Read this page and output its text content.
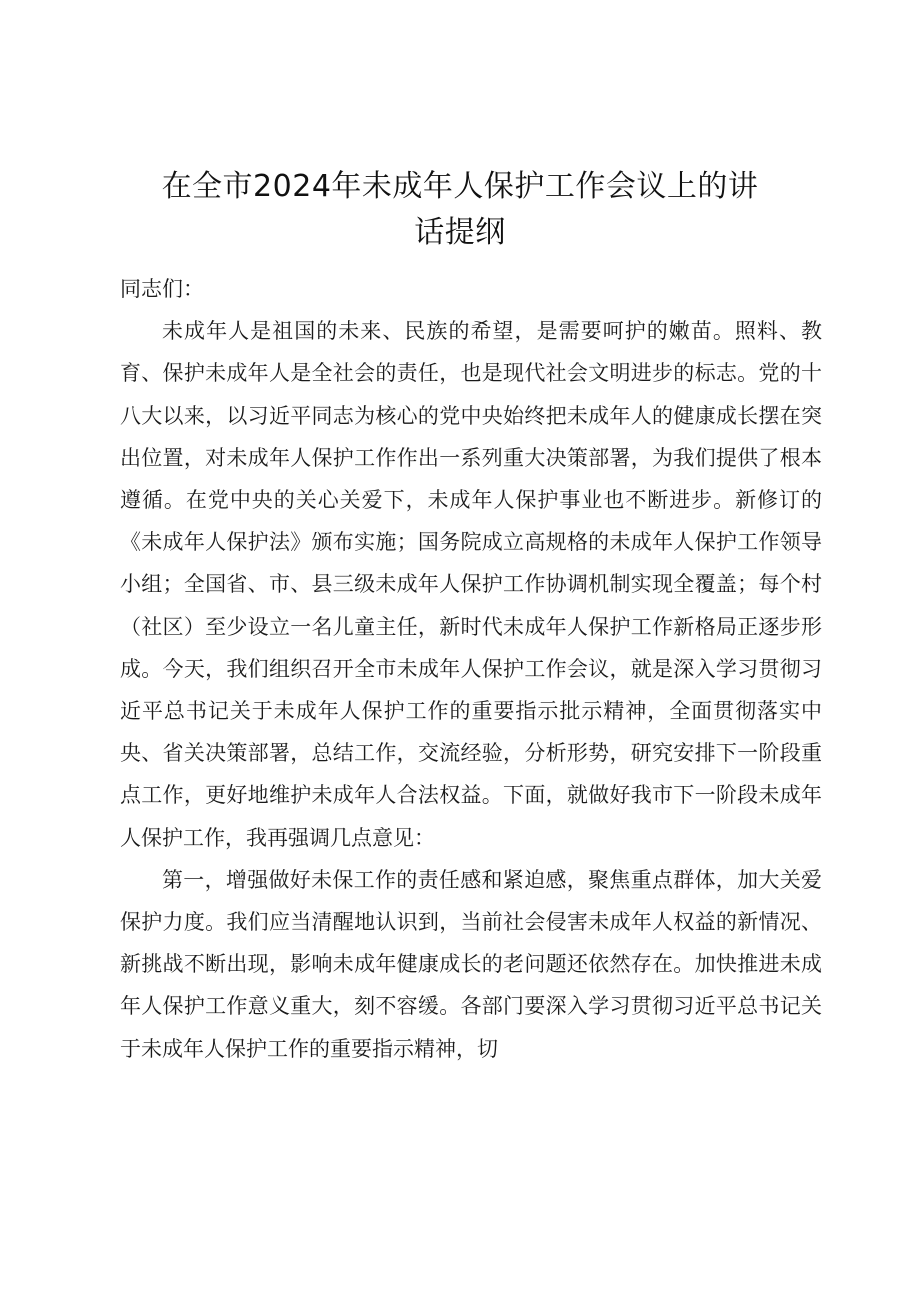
在全市2024年未成年人保护工作会议上的讲
话提纲

同志们：

未成年人是祖国的未来、民族的希望，是需要呵护的嫩苗。照料、教育、保护未成年人是全社会的责任，也是现代社会文明进步的标志。党的十八大以来，以习近平同志为核心的党中央始终把未成年人的健康成长摆在突出位置，对未成年人保护工作作出一系列重大决策部署，为我们提供了根本遵循。在党中央的关心关爱下，未成年人保护事业也不断进步。新修订的《未成年人保护法》颁布实施；国务院成立高规格的未成年人保护工作领导小组；全国省、市、县三级未成年人保护工作协调机制实现全覆盖；每个村（社区）至少设立一名儿童主任，新时代未成年人保护工作新格局正逐步形成。今天，我们组织召开全市未成年人保护工作会议，就是深入学习贯彻习近平总书记关于未成年人保护工作的重要指示批示精神，全面贯彻落实中央、省关决策部署，总结工作，交流经验，分析形势，研究安排下一阶段重点工作，更好地维护未成年人合法权益。下面，就做好我市下一阶段未成年人保护工作，我再强调几点意见：

第一，增强做好未保工作的责任感和紧迫感，聚焦重点群体，加大关爱保护力度。我们应当清醒地认识到，当前社会侵害未成年人权益的新情况、新挑战不断出现，影响未成年健康成长的老问题还依然存在。加快推进未成年人保护工作意义重大，刻不容缓。各部门要深入学习贯彻习近平总书记关于未成年人保护工作的重要指示精神，切
